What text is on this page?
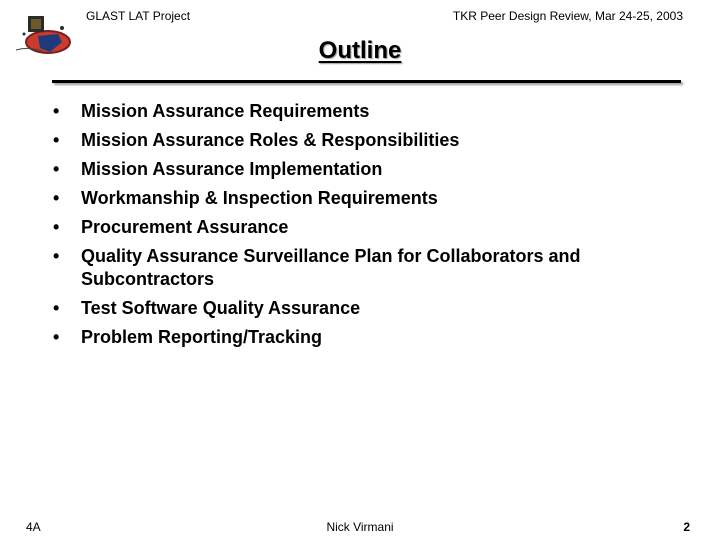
GLAST LAT Project	TKR Peer Design Review, Mar 24-25, 2003
Outline
• Mission Assurance Requirements
• Mission Assurance Roles & Responsibilities
• Mission Assurance Implementation
• Workmanship & Inspection Requirements
• Procurement Assurance
• Quality Assurance Surveillance Plan for Collaborators and Subcontractors
• Test Software Quality Assurance
• Problem Reporting/Tracking
4A	Nick Virmani	2
